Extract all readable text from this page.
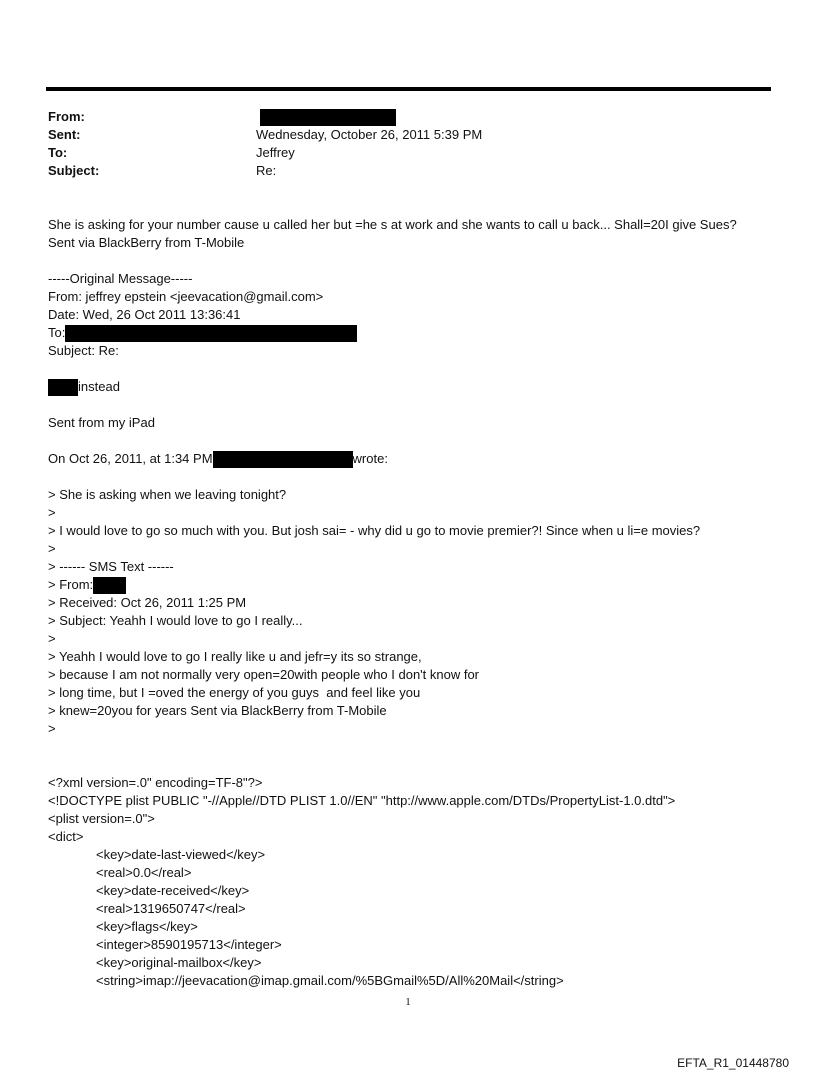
From:
Sent:	Wednesday, October 26, 2011 5:39 PM
To:	Jeffrey
Subject:	Re:
She is asking for your number cause u called her but =he s at work and she wants to call u back... Shall=20I give Sues?
Sent via BlackBerry from T-Mobile
-----Original Message-----
From: jeffrey epstein <jeevacation@gmail.com>
Date: Wed, 26 Oct 2011 13:36:41
To:
Subject: Re:
instead
Sent from my iPad
On Oct 26, 2011, at 1:34 PM	wrote:
> She is asking when we leaving tonight?
>
> I would love to go so much with you. But josh sai= - why did u go to movie premier?! Since when u li=e movies?
>
> ------ SMS Text ------
> From:
> Received: Oct 26, 2011 1:25 PM
> Subject: Yeahh I would love to go I really...
>
> Yeahh I would love to go I really like u and jefr=y its so strange,
> because I am not normally very open=20with people who I don't know for
> long time, but I =oved the energy of you guys  and feel like you
> knew=20you for years Sent via BlackBerry from T-Mobile
>
<?xml version=.0" encoding=TF-8"?>
<!DOCTYPE plist PUBLIC "-//Apple//DTD PLIST 1.0//EN" "http://www.apple.com/DTDs/PropertyList-1.0.dtd">
<plist version=.0">
<dict>
<key>date-last-viewed</key>
<real>0.0</real>
<key>date-received</key>
<real>1319650747</real>
<key>flags</key>
<integer>8590195713</integer>
<key>original-mailbox</key>
<string>imap://jeevacation@imap.gmail.com/%5BGmail%5D/All%20Mail</string>
1
EFTA_R1_01448780
